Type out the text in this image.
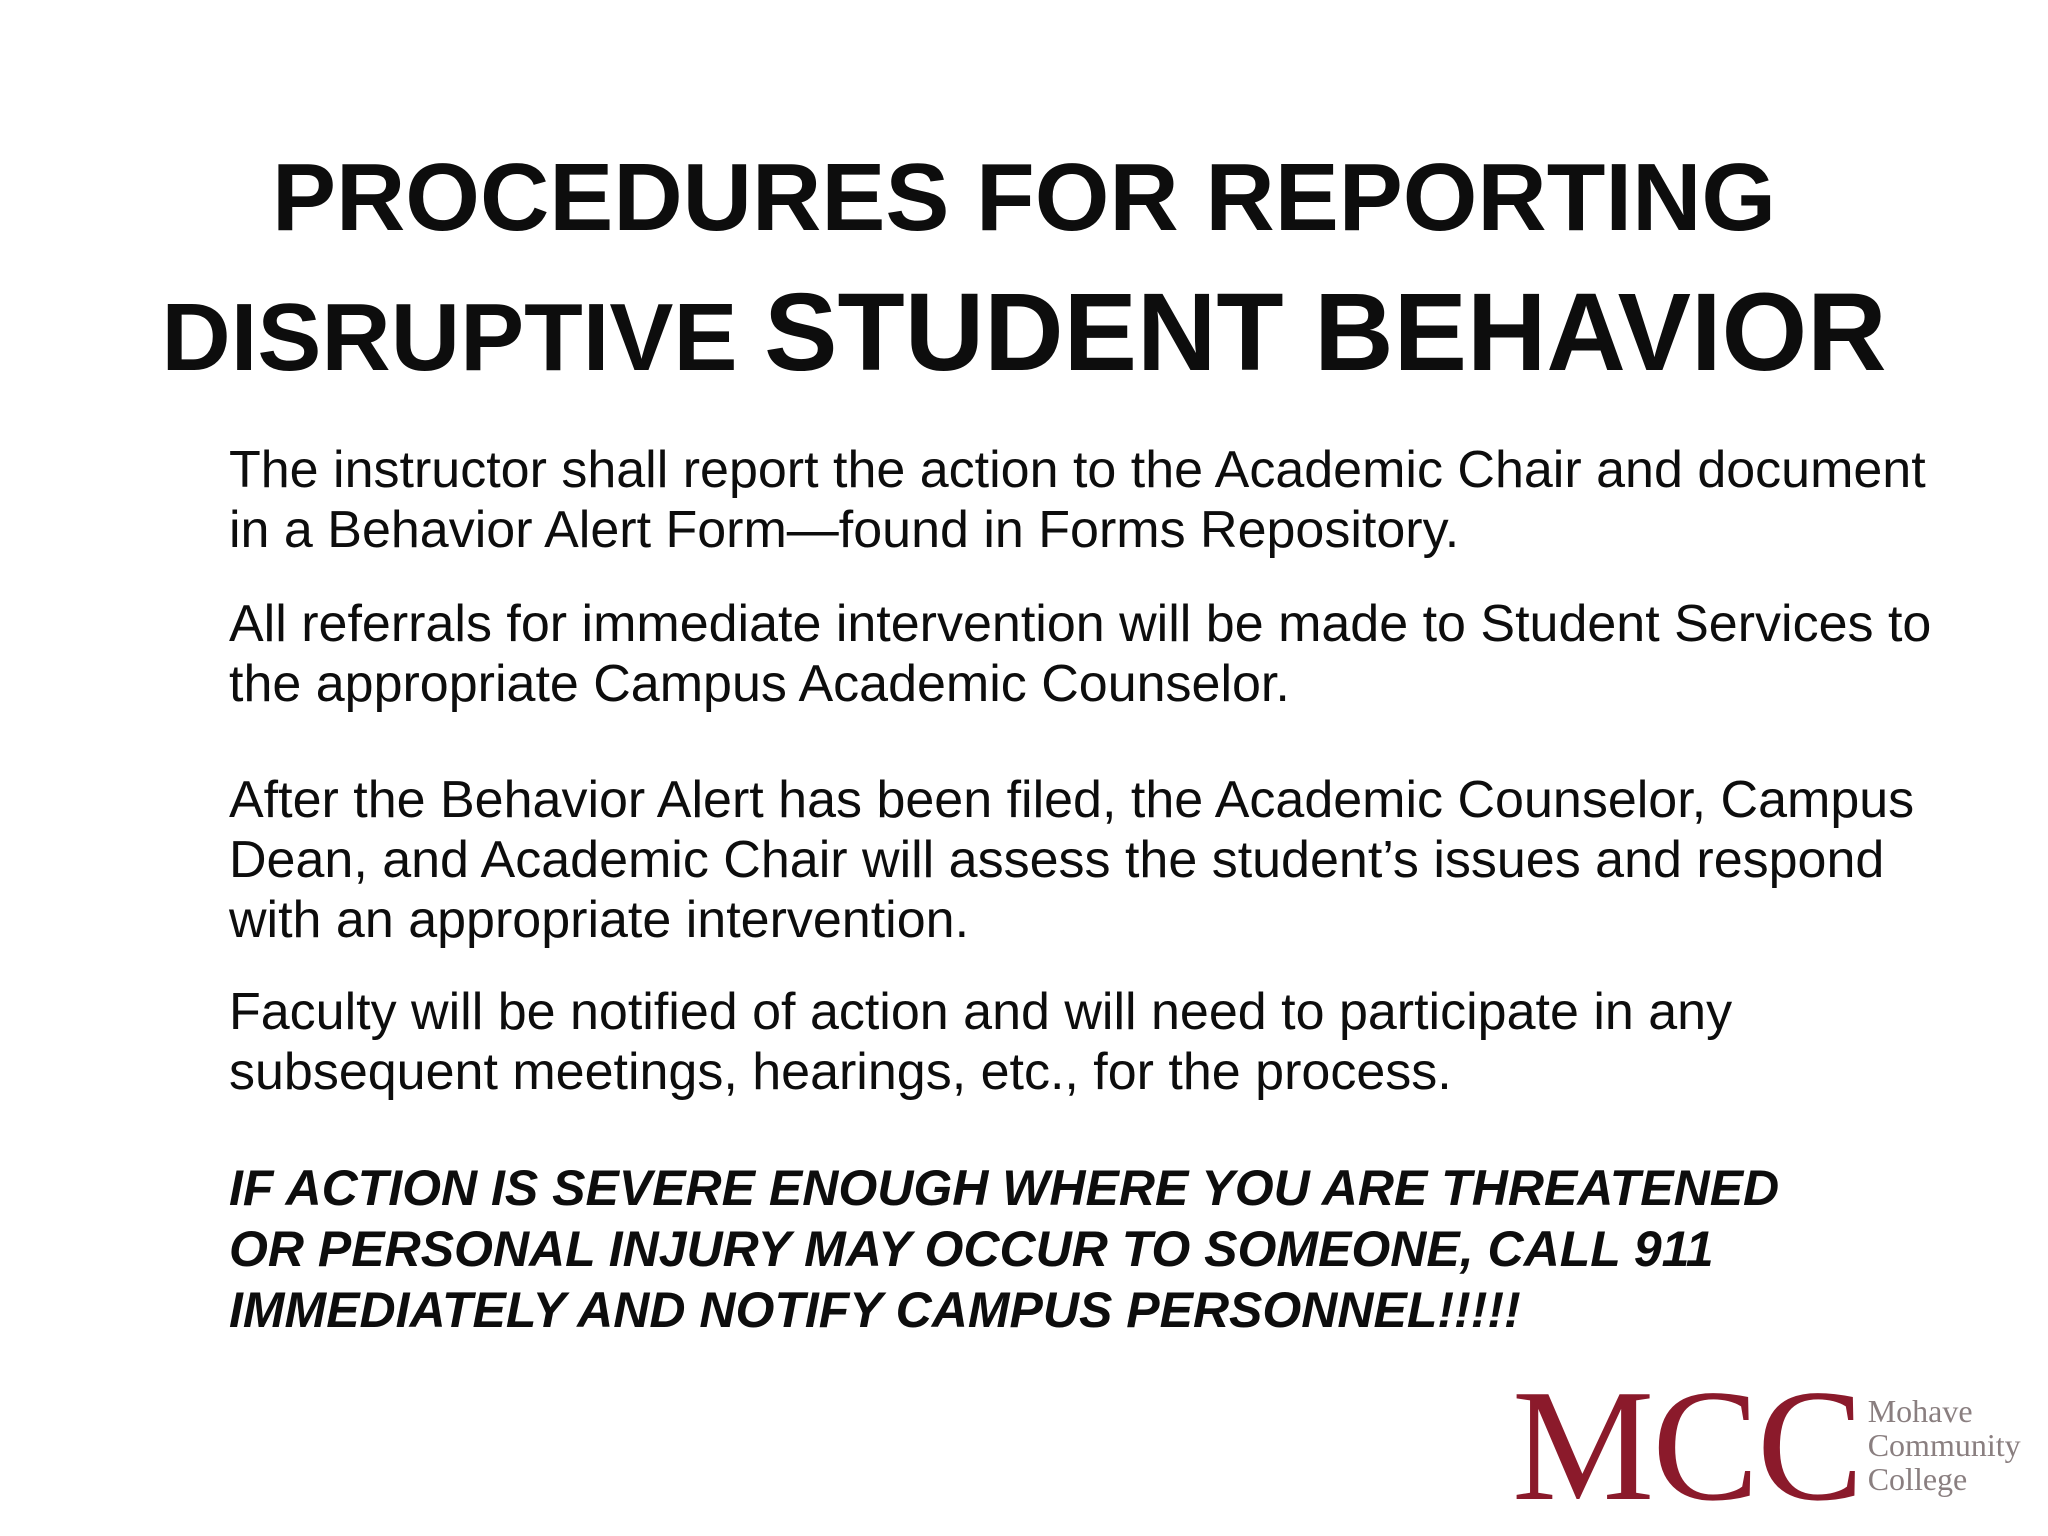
PROCEDURES FOR REPORTING
DISRUPTIVE STUDENT BEHAVIOR

The instructor shall report the action to the Academic Chair and document in a Behavior Alert Form—found in Forms Repository.

All referrals for immediate intervention will be made to Student Services to the appropriate Campus Academic Counselor.

After the Behavior Alert has been filed, the Academic Counselor, Campus Dean, and Academic Chair will assess the student’s issues and respond with an appropriate intervention.

Faculty will be notified of action and will need to participate in any subsequent meetings, hearings, etc., for the process.

IF ACTION IS SEVERE ENOUGH WHERE YOU ARE THREATENED OR PERSONAL INJURY MAY OCCUR TO SOMEONE, CALL 911 IMMEDIATELY AND NOTIFY CAMPUS PERSONNEL!!!!!

MCC Mohave
Community
College
